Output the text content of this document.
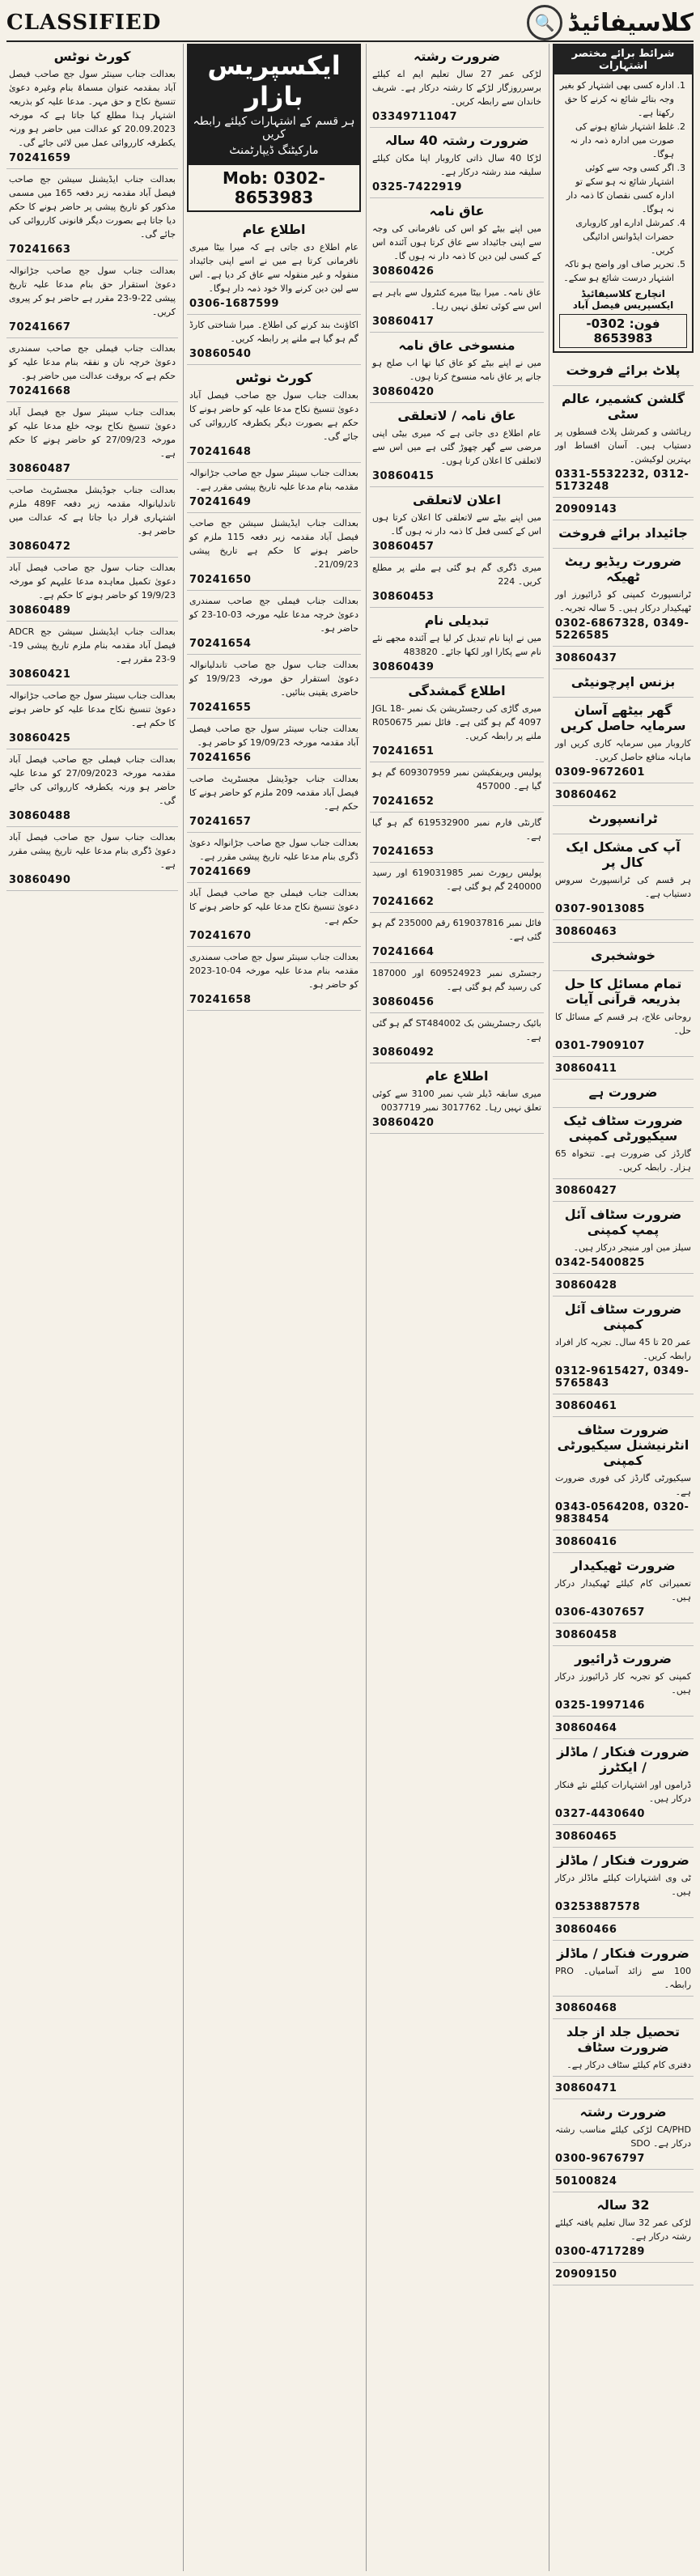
CLASSIFIED	کلاسیفائیڈ
🔍
کورٹ نوٹس
بعدالت جناب سینئر سول جج صاحب فیصل آباد بمقدمہ عنوان مسماۃ بنام وغیرہ دعویٰ تنسیخ نکاح و حق مہر۔ مدعا علیہ کو بذریعہ اشتہار ہذا مطلع کیا جاتا ہے کہ مورخہ 20.09.2023 کو عدالت میں حاضر ہو ورنہ یکطرفہ کارروائی عمل میں لائی جائے گی۔
70241659
بعدالت جناب ایڈیشنل سیشن جج صاحب فیصل آباد مقدمہ زیر دفعہ 165 میں مسمی مذکور کو تاریخ پیشی پر حاضر ہونے کا حکم دیا جاتا ہے بصورت دیگر قانونی کارروائی کی جائے گی۔
70241663
بعدالت جناب سول جج صاحب جڑانوالہ دعویٰ استقرار حق بنام مدعا علیہ تاریخ پیشی 22-9-23 مقرر ہے حاضر ہو کر پیروی کریں۔
70241667
بعدالت جناب فیملی جج صاحب سمندری دعویٰ خرچہ نان و نفقہ بنام مدعا علیہ کو حکم ہے کہ بروقت عدالت میں حاضر ہو۔
70241668
بعدالت جناب سینئر سول جج فیصل آباد دعویٰ تنسیخ نکاح بوجہ خلع مدعا علیہ کو مورخہ 27/09/23 کو حاضر ہونے کا حکم ہے۔
30860487
بعدالت جناب جوڈیشل مجسٹریٹ صاحب تاندلیانوالہ مقدمہ زیر دفعہ 489F ملزم اشتہاری قرار دیا جاتا ہے کہ عدالت میں حاضر ہو۔
30860472
بعدالت جناب سول جج صاحب فیصل آباد دعویٰ تکمیل معاہدہ مدعا علیہم کو مورخہ 19/9/23 کو حاضر ہونے کا حکم ہے۔
30860489
بعدالت جناب ایڈیشنل سیشن جج ADCR فیصل آباد مقدمہ بنام ملزم تاریخ پیشی 19-9-23 مقرر ہے۔
30860421
بعدالت جناب سینئر سول جج صاحب جڑانوالہ دعویٰ تنسیخ نکاح مدعا علیہ کو حاضر ہونے کا حکم ہے۔
30860425
بعدالت جناب فیملی جج صاحب فیصل آباد مقدمہ مورخہ 27/09/2023 کو مدعا علیہ حاضر ہو ورنہ یکطرفہ کارروائی کی جائے گی۔
30860488
بعدالت جناب سول جج صاحب فیصل آباد دعویٰ ڈگری بنام مدعا علیہ تاریخ پیشی مقرر ہے۔
30860490
ایکسپریس بازار
ہر قسم کے اشتہارات کیلئے رابطہ کریں
مارکیٹنگ ڈیپارٹمنٹ
Mob: 0302-8653983
اطلاع عام
عام اطلاع دی جاتی ہے کہ میرا بیٹا میری نافرمانی کرتا ہے میں نے اسے اپنی جائیداد منقولہ و غیر منقولہ سے عاق کر دیا ہے۔ اس سے لین دین کرنے والا خود ذمہ دار ہوگا۔
0306-1687599
اکاؤنٹ بند کرنے کی اطلاع۔ میرا شناختی کارڈ گم ہو گیا ہے ملنے پر رابطہ کریں۔
30860540
کورٹ نوٹس
بعدالت جناب سول جج صاحب فیصل آباد دعویٰ تنسیخ نکاح مدعا علیہ کو حاضر ہونے کا حکم ہے بصورت دیگر یکطرفہ کارروائی کی جائے گی۔
70241648
بعدالت جناب سینئر سول جج صاحب جڑانوالہ مقدمہ بنام مدعا علیہ تاریخ پیشی مقرر ہے۔
70241649
بعدالت جناب ایڈیشنل سیشن جج صاحب فیصل آباد مقدمہ زیر دفعہ 115 ملزم کو حاضر ہونے کا حکم ہے تاریخ پیشی 21/09/23۔
70241650
بعدالت جناب فیملی جج صاحب سمندری دعویٰ خرچہ مدعا علیہ مورخہ 03-10-23 کو حاضر ہو۔
70241654
بعدالت جناب سول جج صاحب تاندلیانوالہ دعویٰ استقرار حق مورخہ 19/9/23 کو حاضری یقینی بنائیں۔
70241655
بعدالت جناب سینئر سول جج صاحب فیصل آباد مقدمہ مورخہ 19/09/23 کو حاضر ہو۔
70241656
بعدالت جناب جوڈیشل مجسٹریٹ صاحب فیصل آباد مقدمہ 209 ملزم کو حاضر ہونے کا حکم ہے۔
70241657
بعدالت جناب سول جج صاحب جڑانوالہ دعویٰ ڈگری بنام مدعا علیہ تاریخ پیشی مقرر ہے۔
70241669
بعدالت جناب فیملی جج صاحب فیصل آباد دعویٰ تنسیخ نکاح مدعا علیہ کو حاضر ہونے کا حکم ہے۔
70241670
بعدالت جناب سینئر سول جج صاحب سمندری مقدمہ بنام مدعا علیہ مورخہ 04-10-2023 کو حاضر ہو۔
70241658
ضرورت رشتہ
لڑکی عمر 27 سال تعلیم ایم اے کیلئے برسرروزگار لڑکے کا رشتہ درکار ہے۔ شریف خاندان سے رابطہ کریں۔
03349711047
ضرورت رشتہ 40 سالہ
لڑکا 40 سال ذاتی کاروبار اپنا مکان کیلئے سلیقہ مند رشتہ درکار ہے۔
0325-7422919
عاق نامہ
میں اپنے بیٹے کو اس کی نافرمانی کی وجہ سے اپنی جائیداد سے عاق کرتا ہوں آئندہ اس کے کسی لین دین کا ذمہ دار نہ ہوں گا۔
30860426
عاق نامہ۔ میرا بیٹا میرے کنٹرول سے باہر ہے اس سے کوئی تعلق نہیں رہا۔
30860417
منسوخی عاق نامہ
میں نے اپنے بیٹے کو عاق کیا تھا اب صلح ہو جانے پر عاق نامہ منسوخ کرتا ہوں۔
30860420
عاق نامہ / لاتعلقی
عام اطلاع دی جاتی ہے کہ میری بیٹی اپنی مرضی سے گھر چھوڑ گئی ہے میں اس سے لاتعلقی کا اعلان کرتا ہوں۔
30860415
اعلان لاتعلقی
میں اپنے بیٹے سے لاتعلقی کا اعلان کرتا ہوں اس کے کسی فعل کا ذمہ دار نہ ہوں گا۔
30860457
میری ڈگری گم ہو گئی ہے ملنے پر مطلع کریں۔ 224
30860453
تبدیلی نام
میں نے اپنا نام تبدیل کر لیا ہے آئندہ مجھے نئے نام سے پکارا اور لکھا جائے۔ 483820
30860439
اطلاع گمشدگی
میری گاڑی کی رجسٹریشن بک نمبر JGL 18-4097 گم ہو گئی ہے۔ فائل نمبر R050675 ملنے پر رابطہ کریں۔
70241651
پولیس ویریفکیشن نمبر 609307959 گم ہو گیا ہے۔ 457000
70241652
گارنٹی فارم نمبر 619532900 گم ہو گیا ہے۔
70241653
پولیس رپورٹ نمبر 619031985 اور رسید 240000 گم ہو گئی ہے۔
70241662
فائل نمبر 619037816 رقم 235000 گم ہو گئی ہے۔
70241664
رجسٹری نمبر 609524923 اور 187000 کی رسید گم ہو گئی ہے۔
30860456
بائیک رجسٹریشن بک ST484002 گم ہو گئی ہے۔
30860492
اطلاع عام
میری سابقہ ڈیلر شپ نمبر 3100 سے کوئی تعلق نہیں رہا۔ 3017762 نمبر 0037719
30860420
شرائط برائے مختصر اشتہارات
1. ادارہ کسی بھی اشتہار کو بغیر وجہ بتائے شائع نہ کرنے کا حق رکھتا ہے۔
2. غلط اشتہار شائع ہونے کی صورت میں ادارہ ذمہ دار نہ ہوگا۔
3. اگر کسی وجہ سے کوئی اشتہار شائع نہ ہو سکے تو ادارہ کسی نقصان کا ذمہ دار نہ ہوگا۔
4. کمرشل ادارے اور کاروباری حضرات ایڈوانس ادائیگی کریں۔
5. تحریر صاف اور واضح ہو تاکہ اشتہار درست شائع ہو سکے۔
انچارج کلاسیفائیڈ ایکسپریس فیصل آباد
فون: 0302-8653983
پلاٹ برائے فروخت
گلشن کشمیر، عالم سٹی
رہائشی و کمرشل پلاٹ قسطوں پر دستیاب ہیں۔ آسان اقساط اور بہترین لوکیشن۔
0331-5532232, 0312-5173248
20909143
جائیداد برائے فروخت
ضرورت ریڈیو ریٹ ٹھیکہ
ٹرانسپورٹ کمپنی کو ڈرائیورز اور ٹھیکیدار درکار ہیں۔ 5 سالہ تجربہ۔
0302-6867328, 0349-5226585
30860437
بزنس اپرچونیٹی
گھر بیٹھے آسان سرمایہ حاصل کریں
کاروبار میں سرمایہ کاری کریں اور ماہانہ منافع حاصل کریں۔
0309-9672601
30860462
ٹرانسپورٹ
آپ کی مشکل ایک کال پر
ہر قسم کی ٹرانسپورٹ سروس دستیاب ہے۔
0307-9013085
30860463
خوشخبری
تمام مسائل کا حل بذریعہ قرآنی آیات
روحانی علاج، ہر قسم کے مسائل کا حل۔
0301-7909107
30860411
ضرورت ہے
ضرورت سٹاف ٹیک سیکیورٹی کمپنی
گارڈز کی ضرورت ہے۔ تنخواہ 65 ہزار۔ رابطہ کریں۔
30860427
ضرورت سٹاف آئل پمپ کمپنی
سیلز مین اور منیجر درکار ہیں۔
0342-5400825
30860428
ضرورت سٹاف آئل کمپنی
عمر 20 تا 45 سال۔ تجربہ کار افراد رابطہ کریں۔
0312-9615427, 0349-5765843
30860461
ضرورت سٹاف انٹرنیشنل سیکیورٹی کمپنی
سیکیورٹی گارڈز کی فوری ضرورت ہے۔
0343-0564208, 0320-9838454
30860416
ضرورت ٹھیکیدار
تعمیراتی کام کیلئے ٹھیکیدار درکار ہیں۔
0306-4307657
30860458
ضرورت ڈرائیور
کمپنی کو تجربہ کار ڈرائیورز درکار ہیں۔
0325-1997146
30860464
ضرورت فنکار / ماڈلز / ایکٹرز
ڈراموں اور اشتہارات کیلئے نئے فنکار درکار ہیں۔
0327-4430640
30860465
ضرورت فنکار / ماڈلز
ٹی وی اشتہارات کیلئے ماڈلز درکار ہیں۔
03253887578
30860466
ضرورت فنکار / ماڈلز
100 سے زائد آسامیاں۔ PRO رابطہ۔
30860468
تحصیل جلد از جلد ضرورت سٹاف
دفتری کام کیلئے سٹاف درکار ہے۔
30860471
ضرورت رشتہ
CA/PHD لڑکی کیلئے مناسب رشتہ درکار ہے۔ SDO
0300-9676797
50100824
32 سالہ
لڑکی عمر 32 سال تعلیم یافتہ کیلئے رشتہ درکار ہے۔
0300-4717289
20909150
